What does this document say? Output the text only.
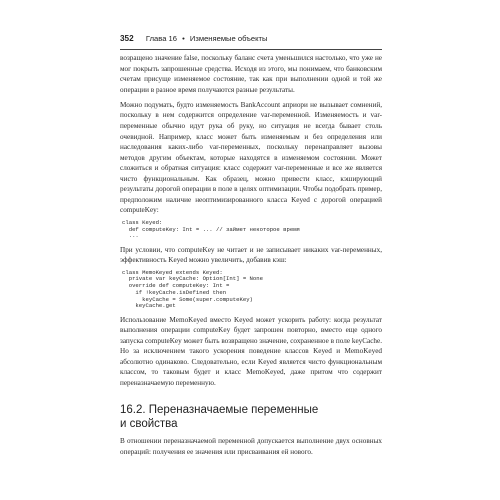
352 Глава 16 • Изменяемые объекты

возращено значение false, поскольку баланс счета уменьшился настолько, что уже не мог покрыть запрошенные средства. Исходя из этого, мы понимаем, что банковским счетам присуще изменяемое состояние, так как при выполнении одной и той же операции в разное время получаются разные результаты.

Можно подумать, будто изменяемость BankAccount априори не вызывает сомнений, поскольку в нем содержится определение var-переменной. Изменяемость и var-переменные обычно идут рука об руку, но ситуация не всегда бывает столь очевидной. Например, класс может быть изменяемым и без определения или наследования каких-либо var-переменных, поскольку перенаправляет вызовы методов другим объектам, которые находятся в изменяемом состоянии. Может сложиться и обратная ситуация: класс содержит var-переменные и все же является чисто функциональным. Как образец, можно привести класс, кэширующий результаты дорогой операции в поле в целях оптимизации. Чтобы подобрать пример, предположим наличие неоптимизированного класса Keyed с дорогой операцией computeKey:

class Keyed:
def computeKey: Int = ... // займет некоторое время
...

При условии, что computeKey не читает и не записывает никаких var-переменных, эффективность Keyed можно увеличить, добавив кэш:

class MemoKeyed extends Keyed:
private var keyCache: Option[Int] = None
override def computeKey: Int =
if !keyCache.isDefined then
keyCache = Some(super.computeKey)
keyCache.get

Использование MemoKeyed вместо Keyed может ускорить работу: когда результат выполнения операции computeKey будет запрошен повторно, вместо еще одного запуска computeKey может быть возвращено значение, сохраненное в поле keyCache. Но за исключением такого ускорения поведение классов Keyed и MemoKeyed абсолютно одинаково. Следовательно, если Keyed является чисто функциональным классом, то таковым будет и класс MemoKeyed, даже притом что содержит переназначаемую переменную.

16.2. Переназначаемые переменные
и свойства

В отношении переназначаемой переменной допускается выполнение двух основных операций: получения ее значения или присваивания ей нового.
